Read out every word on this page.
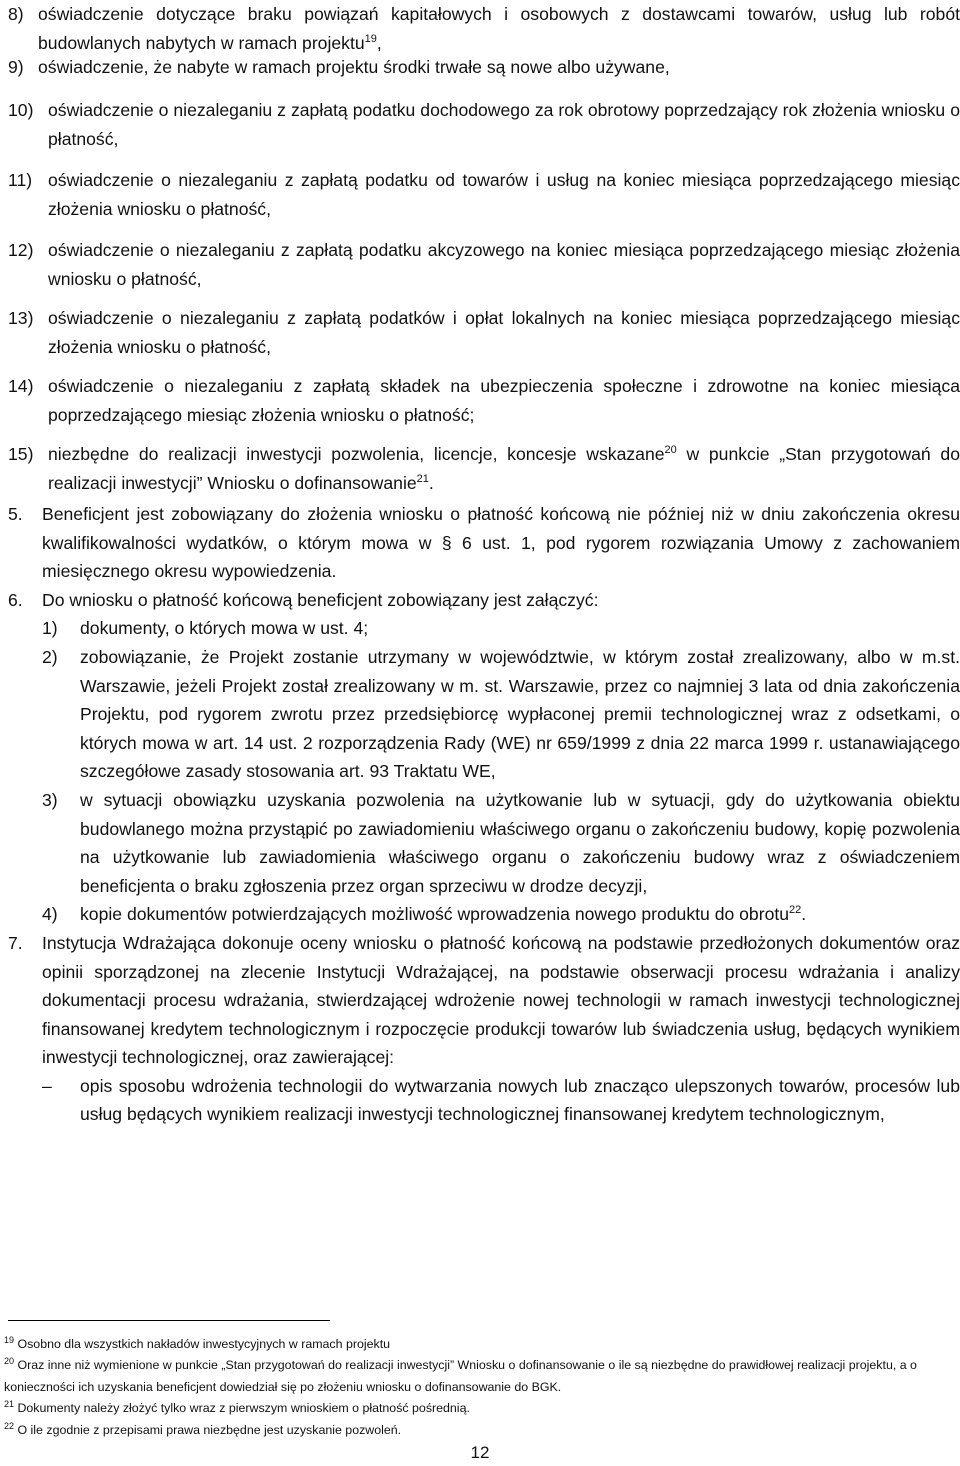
8) oświadczenie dotyczące braku powiązań kapitałowych i osobowych z dostawcami towarów, usług lub robót budowlanych nabytych w ramach projektu$^{19}$,
9) oświadczenie, że nabyte w ramach projektu środki trwałe są nowe albo używane,
10) oświadczenie o niezaleganiu z zapłatą podatku dochodowego za rok obrotowy poprzedzający rok złożenia wniosku o płatność,
11) oświadczenie o niezaleganiu z zapłatą podatku od towarów i usług na koniec miesiąca poprzedzającego miesiąc złożenia wniosku o płatność,
12) oświadczenie o niezaleganiu z zapłatą podatku akcyzowego na koniec miesiąca poprzedzającego miesiąc złożenia wniosku o płatność,
13) oświadczenie o niezaleganiu z zapłatą podatków i opłat lokalnych na koniec miesiąca poprzedzającego miesiąc złożenia wniosku o płatność,
14) oświadczenie o niezaleganiu z zapłatą składek na ubezpieczenia społeczne i zdrowotne na koniec miesiąca poprzedzającego miesiąc złożenia wniosku o płatność;
15) niezbędne do realizacji inwestycji pozwolenia, licencje, koncesje wskazane$^{20}$ w punkcie „Stan przygotowań do realizacji inwestycji” Wniosku o dofinansowanie$^{21}$.
5.	Beneficjent jest zobowiązany do złożenia wniosku o płatność końcową nie później niż w dniu zakończenia okresu kwalifikowalności wydatków, o którym mowa w § 6 ust. 1, pod rygorem rozwiązania Umowy z zachowaniem miesięcznego okresu wypowiedzenia.
6.	Do wniosku o płatność końcową beneficjent zobowiązany jest załączyć:
1)	dokumenty, o których mowa w ust. 4;
2)	zobowiązanie, że Projekt zostanie utrzymany w województwie, w którym został zrealizowany, albo w m.st. Warszawie, jeżeli Projekt został zrealizowany w m. st. Warszawie, przez co najmniej 3 lata od dnia zakończenia Projektu, pod rygorem zwrotu przez przedsiębiorcę wypłaconej premii technologicznej wraz z odsetkami, o których mowa w art. 14 ust. 2 rozporządzenia Rady (WE) nr 659/1999 z dnia 22 marca 1999 r. ustanawiającego szczegółowe zasady stosowania art. 93 Traktatu WE,
3)	w sytuacji obowiązku uzyskania pozwolenia na użytkowanie lub w sytuacji, gdy do użytkowania obiektu budowlanego można przystąpić po zawiadomieniu właściwego organu o zakończeniu budowy, kopię pozwolenia na użytkowanie lub zawiadomienia właściwego organu o zakończeniu budowy wraz z oświadczeniem beneficjenta o braku zgłoszenia przez organ sprzeciwu w drodze decyzji,
4)	kopie dokumentów potwierdzających możliwość wprowadzenia nowego produktu do obrotu$^{22}$.
7.	Instytucja Wdrażająca dokonuje oceny wniosku o płatność końcową na podstawie przedłożonych dokumentów oraz opinii sporządzonej na zlecenie Instytucji Wdrażającej, na podstawie obserwacji procesu wdrażania i analizy dokumentacji procesu wdrażania, stwierdzającej wdrożenie nowej technologii w ramach inwestycji technologicznej finansowanej kredytem technologicznym i rozpoczęcie produkcji towarów lub świadczenia usług, będących wynikiem inwestycji technologicznej, oraz zawierającej:
–	opis sposobu wdrożenia technologii do wytwarzania nowych lub znacząco ulepszonych towarów, procesów lub usług będących wynikiem realizacji inwestycji technologicznej finansowanej kredytem technologicznym,
$^{19}$ Osobno dla wszystkich nakładów inwestycyjnych w ramach projektu
$^{20}$ Oraz inne niż wymienione w punkcie „Stan przygotowań do realizacji inwestycji” Wniosku o dofinansowanie o ile są niezbędne do prawidłowej realizacji projektu, a o konieczności ich uzyskania beneficjent dowiedział się po złożeniu wniosku o dofinansowanie do BGK.
$^{21}$ Dokumenty należy złożyć tylko wraz z pierwszym wnioskiem o płatność pośrednią.
$^{22}$ O ile zgodnie z przepisami prawa niezbędne jest uzyskanie pozwoleń.
12
